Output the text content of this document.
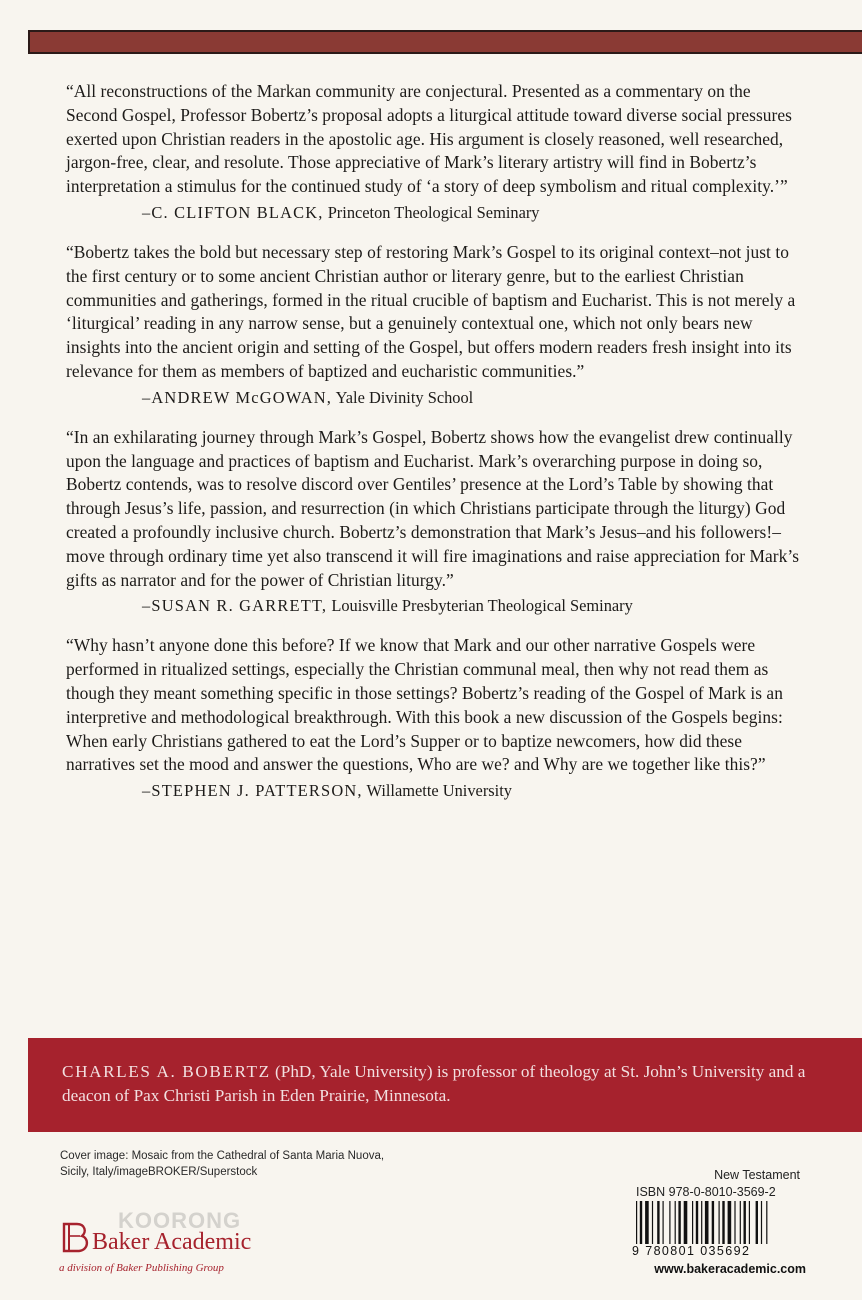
“All reconstructions of the Markan community are conjectural. Presented as a commentary on the Second Gospel, Professor Bobertz’s proposal adopts a liturgical attitude toward diverse social pressures exerted upon Christian readers in the apostolic age. His argument is closely reasoned, well researched, jargon-free, clear, and resolute. Those appreciative of Mark’s literary artistry will find in Bobertz’s interpretation a stimulus for the continued study of ‘a story of deep symbolism and ritual complexity.’”

–C. CLIFTON BLACK, Princeton Theological Seminary

“Bobertz takes the bold but necessary step of restoring Mark’s Gospel to its original context–not just to the first century or to some ancient Christian author or literary genre, but to the earliest Christian communities and gatherings, formed in the ritual crucible of baptism and Eucharist. This is not merely a ‘liturgical’ reading in any narrow sense, but a genuinely contextual one, which not only bears new insights into the ancient origin and setting of the Gospel, but offers modern readers fresh insight into its relevance for them as members of baptized and eucharistic communities.”

–ANDREW McGOWAN, Yale Divinity School

“In an exhilarating journey through Mark’s Gospel, Bobertz shows how the evangelist drew continually upon the language and practices of baptism and Eucharist. Mark’s overarching purpose in doing so, Bobertz contends, was to resolve discord over Gentiles’ presence at the Lord’s Table by showing that through Jesus’s life, passion, and resurrection (in which Christians participate through the liturgy) God created a profoundly inclusive church. Bobertz’s demonstration that Mark’s Jesus–and his followers!–move through ordinary time yet also transcend it will fire imaginations and raise appreciation for Mark’s gifts as narrator and for the power of Christian liturgy.”

–SUSAN R. GARRETT, Louisville Presbyterian Theological Seminary

“Why hasn’t anyone done this before? If we know that Mark and our other narrative Gospels were performed in ritualized settings, especially the Christian communal meal, then why not read them as though they meant something specific in those settings? Bobertz’s reading of the Gospel of Mark is an interpretive and methodological breakthrough. With this book a new discussion of the Gospels begins: When early Christians gathered to eat the Lord’s Supper or to baptize newcomers, how did these narratives set the mood and answer the questions, Who are we? and Why are we together like this?”

–STEPHEN J. PATTERSON, Willamette University

CHARLES A. BOBERTZ (PhD, Yale University) is professor of theology at St. John’s University and a deacon of Pax Christi Parish in Eden Prairie, Minnesota.

Cover image: Mosaic from the Cathedral of Santa Maria Nuova, Sicily, Italy/imageBROKER/Superstock

Baker Academic
a division of Baker Publishing Group
KOORONG
New Testament
ISBN 978-0-8010-3569-2
9 780801 035692
www.bakeracademic.com
